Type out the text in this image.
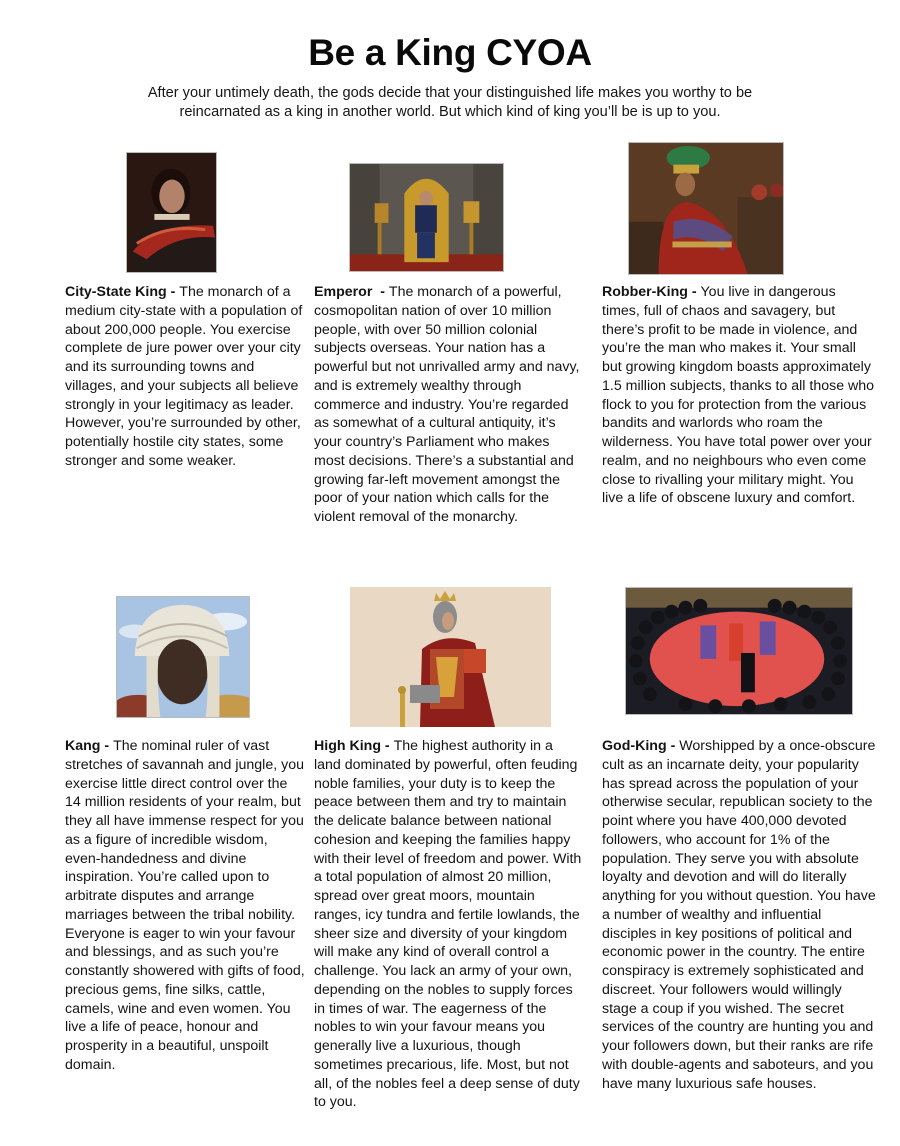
Be a King CYOA
After your untimely death, the gods decide that your distinguished life makes you worthy to be reincarnated as a king in another world. But which kind of king you’ll be is up to you.
City-State King - The monarch of a medium city-state with a population of about 200,000 people. You exercise complete de jure power over your city and its surrounding towns and villages, and your subjects all believe strongly in your legitimacy as leader. However, you’re surrounded by other, potentially hostile city states, some stronger and some weaker.
Emperor  - The monarch of a powerful, cosmopolitan nation of over 10 million people, with over 50 million colonial subjects overseas. Your nation has a powerful but not unrivalled army and navy, and is extremely wealthy through commerce and industry. You’re regarded as somewhat of a cultural antiquity, it’s your country’s Parliament who makes most decisions. There’s a substantial and growing far-left movement amongst the poor of your nation which calls for the violent removal of the monarchy.
Robber-King - You live in dangerous times, full of chaos and savagery, but there’s profit to be made in violence, and you’re the man who makes it. Your small but growing kingdom boasts approximately 1.5 million subjects, thanks to all those who flock to you for protection from the various bandits and warlords who roam the wilderness. You have total power over your realm, and no neighbours who even come close to rivalling your military might. You live a life of obscene luxury and comfort.
Kang - The nominal ruler of vast stretches of savannah and jungle, you exercise little direct control over the 14 million residents of your realm, but they all have immense respect for you as a figure of incredible wisdom, even-handedness and divine inspiration. You’re called upon to arbitrate disputes and arrange marriages between the tribal nobility. Everyone is eager to win your favour and blessings, and as such you’re constantly showered with gifts of food, precious gems, fine silks, cattle, camels, wine and even women. You live a life of peace, honour and prosperity in a beautiful, unspoilt domain.
High King - The highest authority in a land dominated by powerful, often feuding noble families, your duty is to keep the peace between them and try to maintain the delicate balance between national cohesion and keeping the families happy with their level of freedom and power. With a total population of almost 20 million, spread over great moors, mountain ranges, icy tundra and fertile lowlands, the sheer size and diversity of your kingdom will make any kind of overall control a challenge. You lack an army of your own, depending on the nobles to supply forces in times of war. The eagerness of the nobles to win your favour means you generally live a luxurious, though sometimes precarious, life. Most, but not all, of the nobles feel a deep sense of duty to you.
God-King - Worshipped by a once-obscure cult as an incarnate deity, your popularity has spread across the population of your otherwise secular, republican society to the point where you have 400,000 devoted followers, who account for 1% of the population. They serve you with absolute loyalty and devotion and will do literally anything for you without question. You have a number of wealthy and influential disciples in key positions of political and economic power in the country. The entire conspiracy is extremely sophisticated and discreet. Your followers would willingly stage a coup if you wished. The secret services of the country are hunting you and your followers down, but their ranks are rife with double-agents and saboteurs, and you have many luxurious safe houses.
